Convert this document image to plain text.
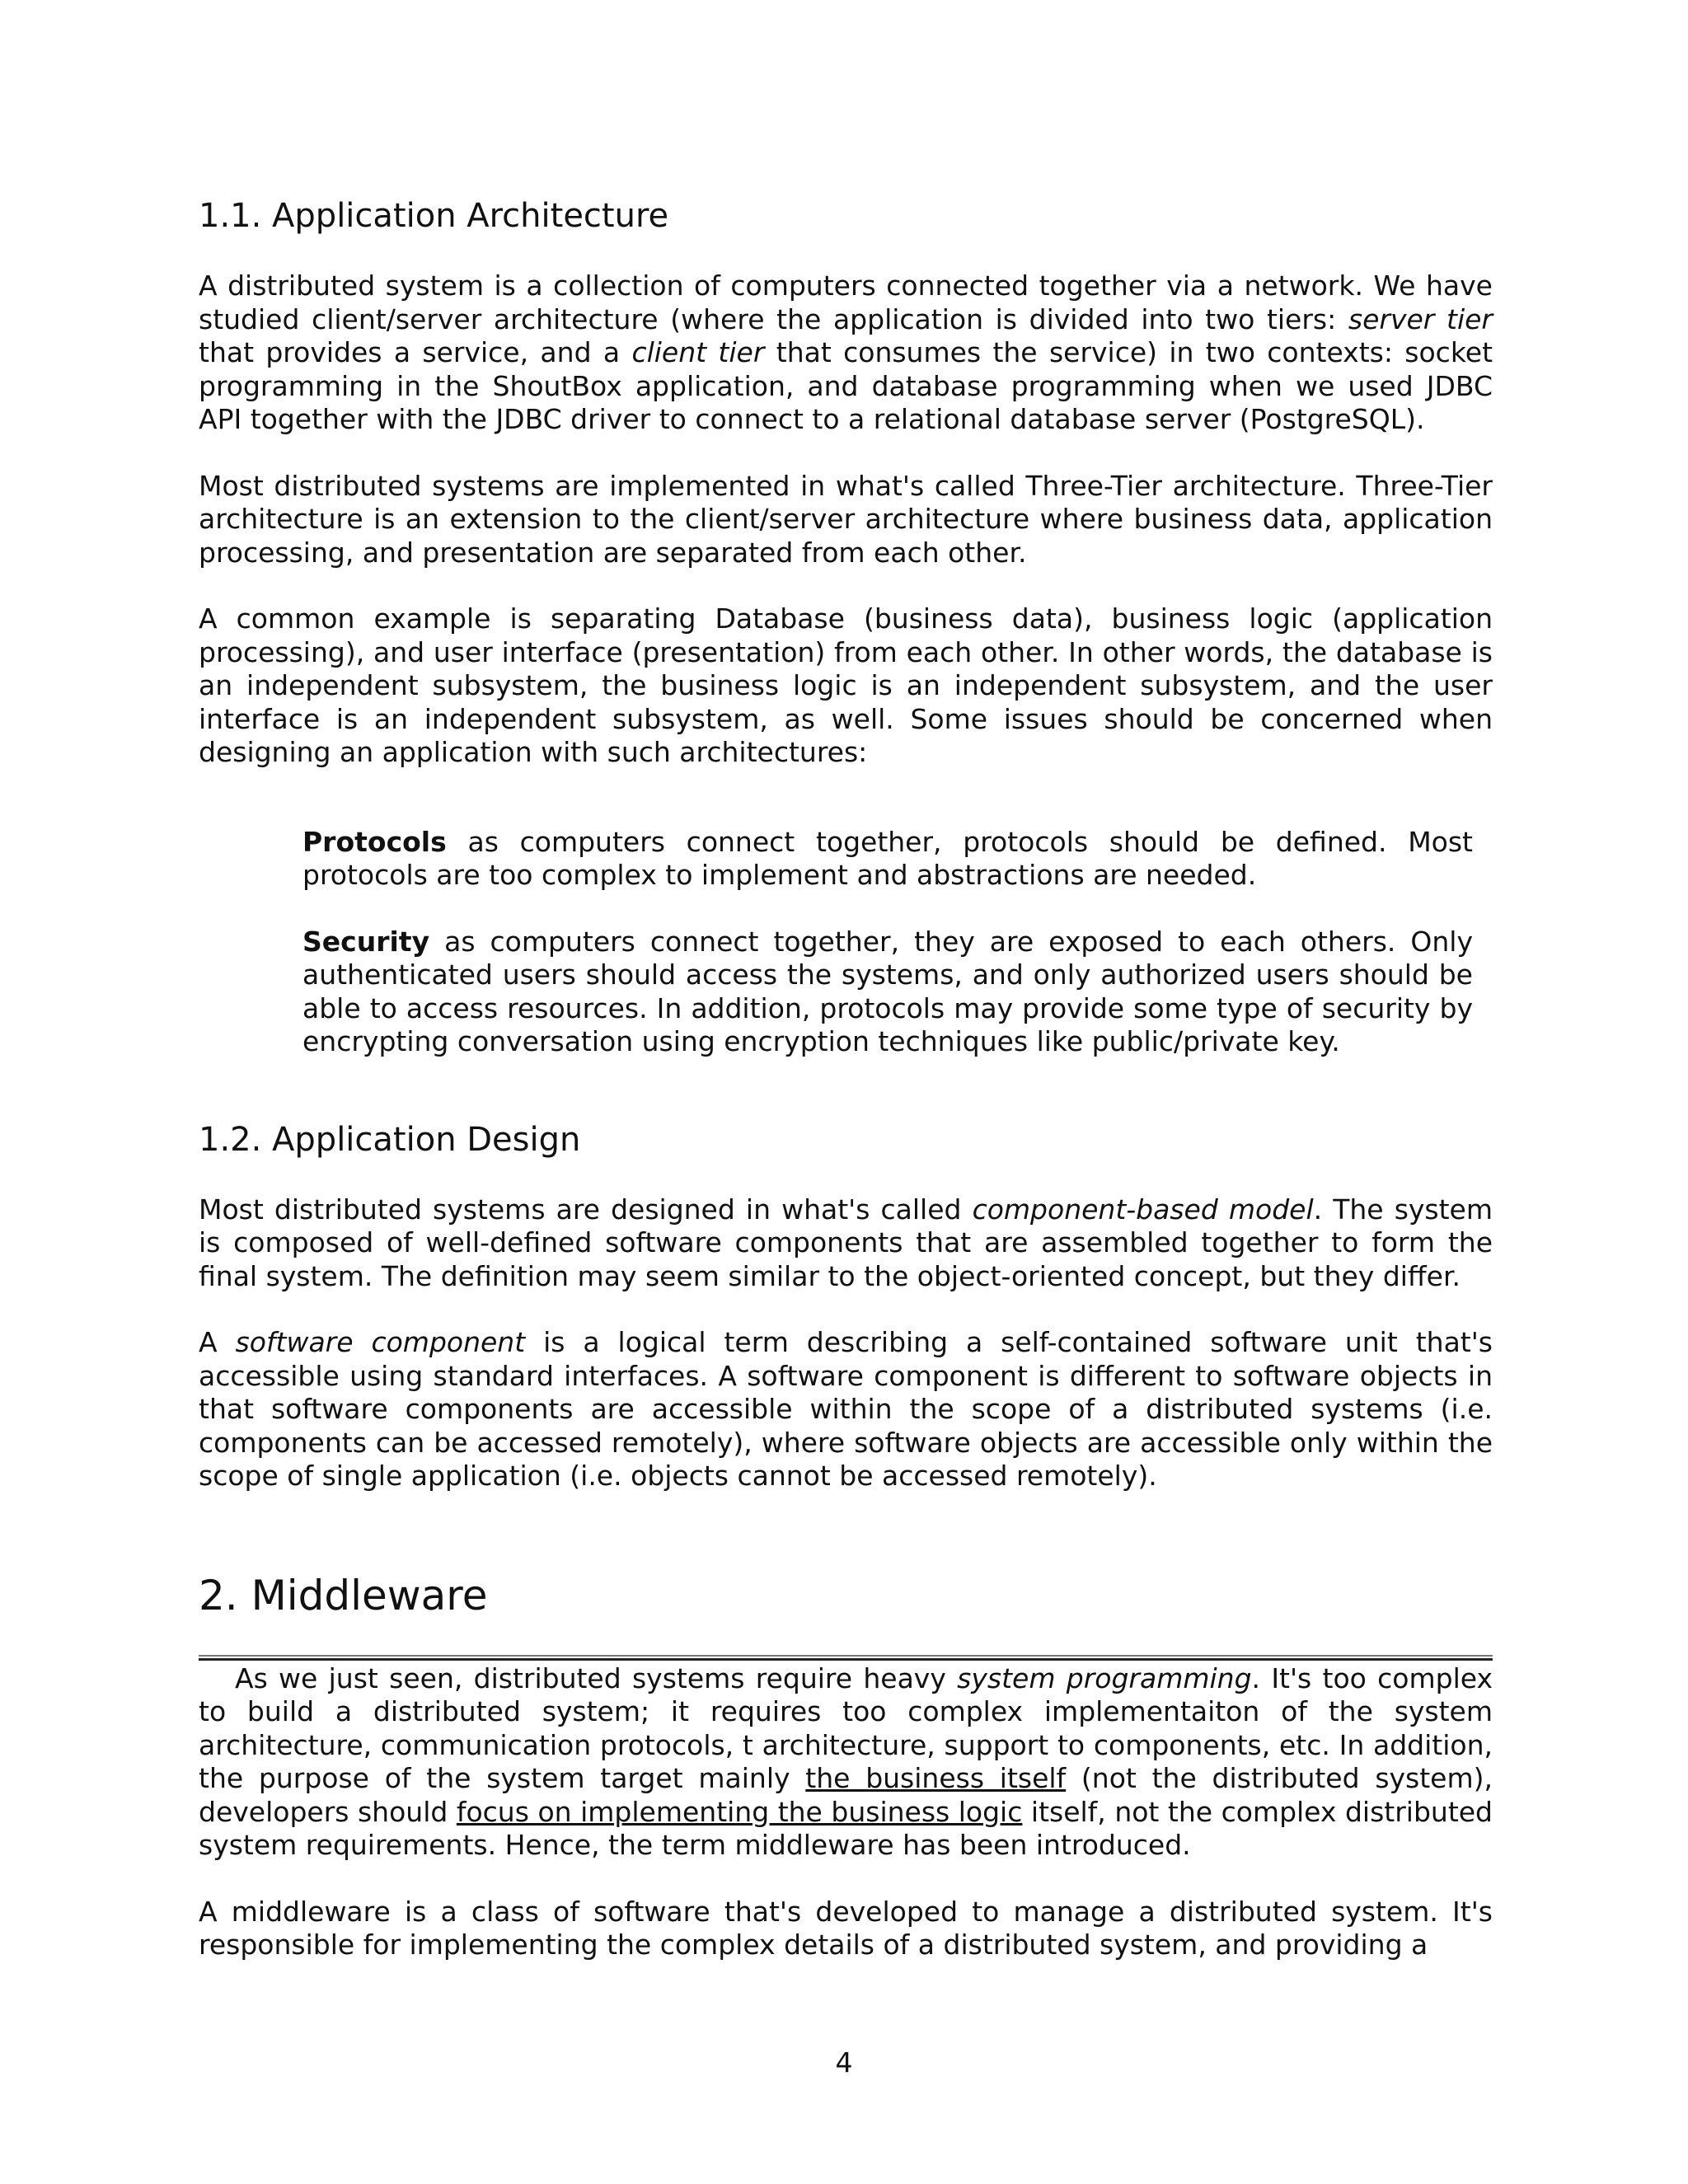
1.1. Application Architecture

A distributed system is a collection of computers connected together via a network. We have studied client/server architecture (where the application is divided into two tiers: server tier that provides a service, and a client tier that consumes the service) in two contexts: socket programming in the ShoutBox application, and database programming when we used JDBC API together with the JDBC driver to connect to a relational database server (PostgreSQL).

Most distributed systems are implemented in what's called Three-Tier architecture. Three-Tier architecture is an extension to the client/server architecture where business data, application processing, and presentation are separated from each other.

A common example is separating Database (business data), business logic (application processing), and user interface (presentation) from each other. In other words, the database is an independent subsystem, the business logic is an independent subsystem, and the user interface is an independent subsystem, as well. Some issues should be concerned when designing an application with such architectures:

Protocols as computers connect together, protocols should be defined. Most protocols are too complex to implement and abstractions are needed.

Security as computers connect together, they are exposed to each others. Only authenticated users should access the systems, and only authorized users should be able to access resources. In addition, protocols may provide some type of security by encrypting conversation using encryption techniques like public/private key.

1.2. Application Design

Most distributed systems are designed in what's called component-based model. The system is composed of well-defined software components that are assembled together to form the final system. The definition may seem similar to the object-oriented concept, but they differ.

A software component is a logical term describing a self-contained software unit that's accessible using standard interfaces. A software component is different to software objects in that software components are accessible within the scope of a distributed systems (i.e. components can be accessed remotely), where software objects are accessible only within the scope of single application (i.e. objects cannot be accessed remotely).

2. Middleware

As we just seen, distributed systems require heavy system programming. It's too complex to build a distributed system; it requires too complex implementaiton of the system architecture, communication protocols, t architecture, support to components, etc. In addition, the purpose of the system target mainly the business itself (not the distributed system), developers should focus on implementing the business logic itself, not the complex distributed system requirements. Hence, the term middleware has been introduced.

A middleware is a class of software that's developed to manage a distributed system. It's responsible for implementing the complex details of a distributed system, and providing a

4
